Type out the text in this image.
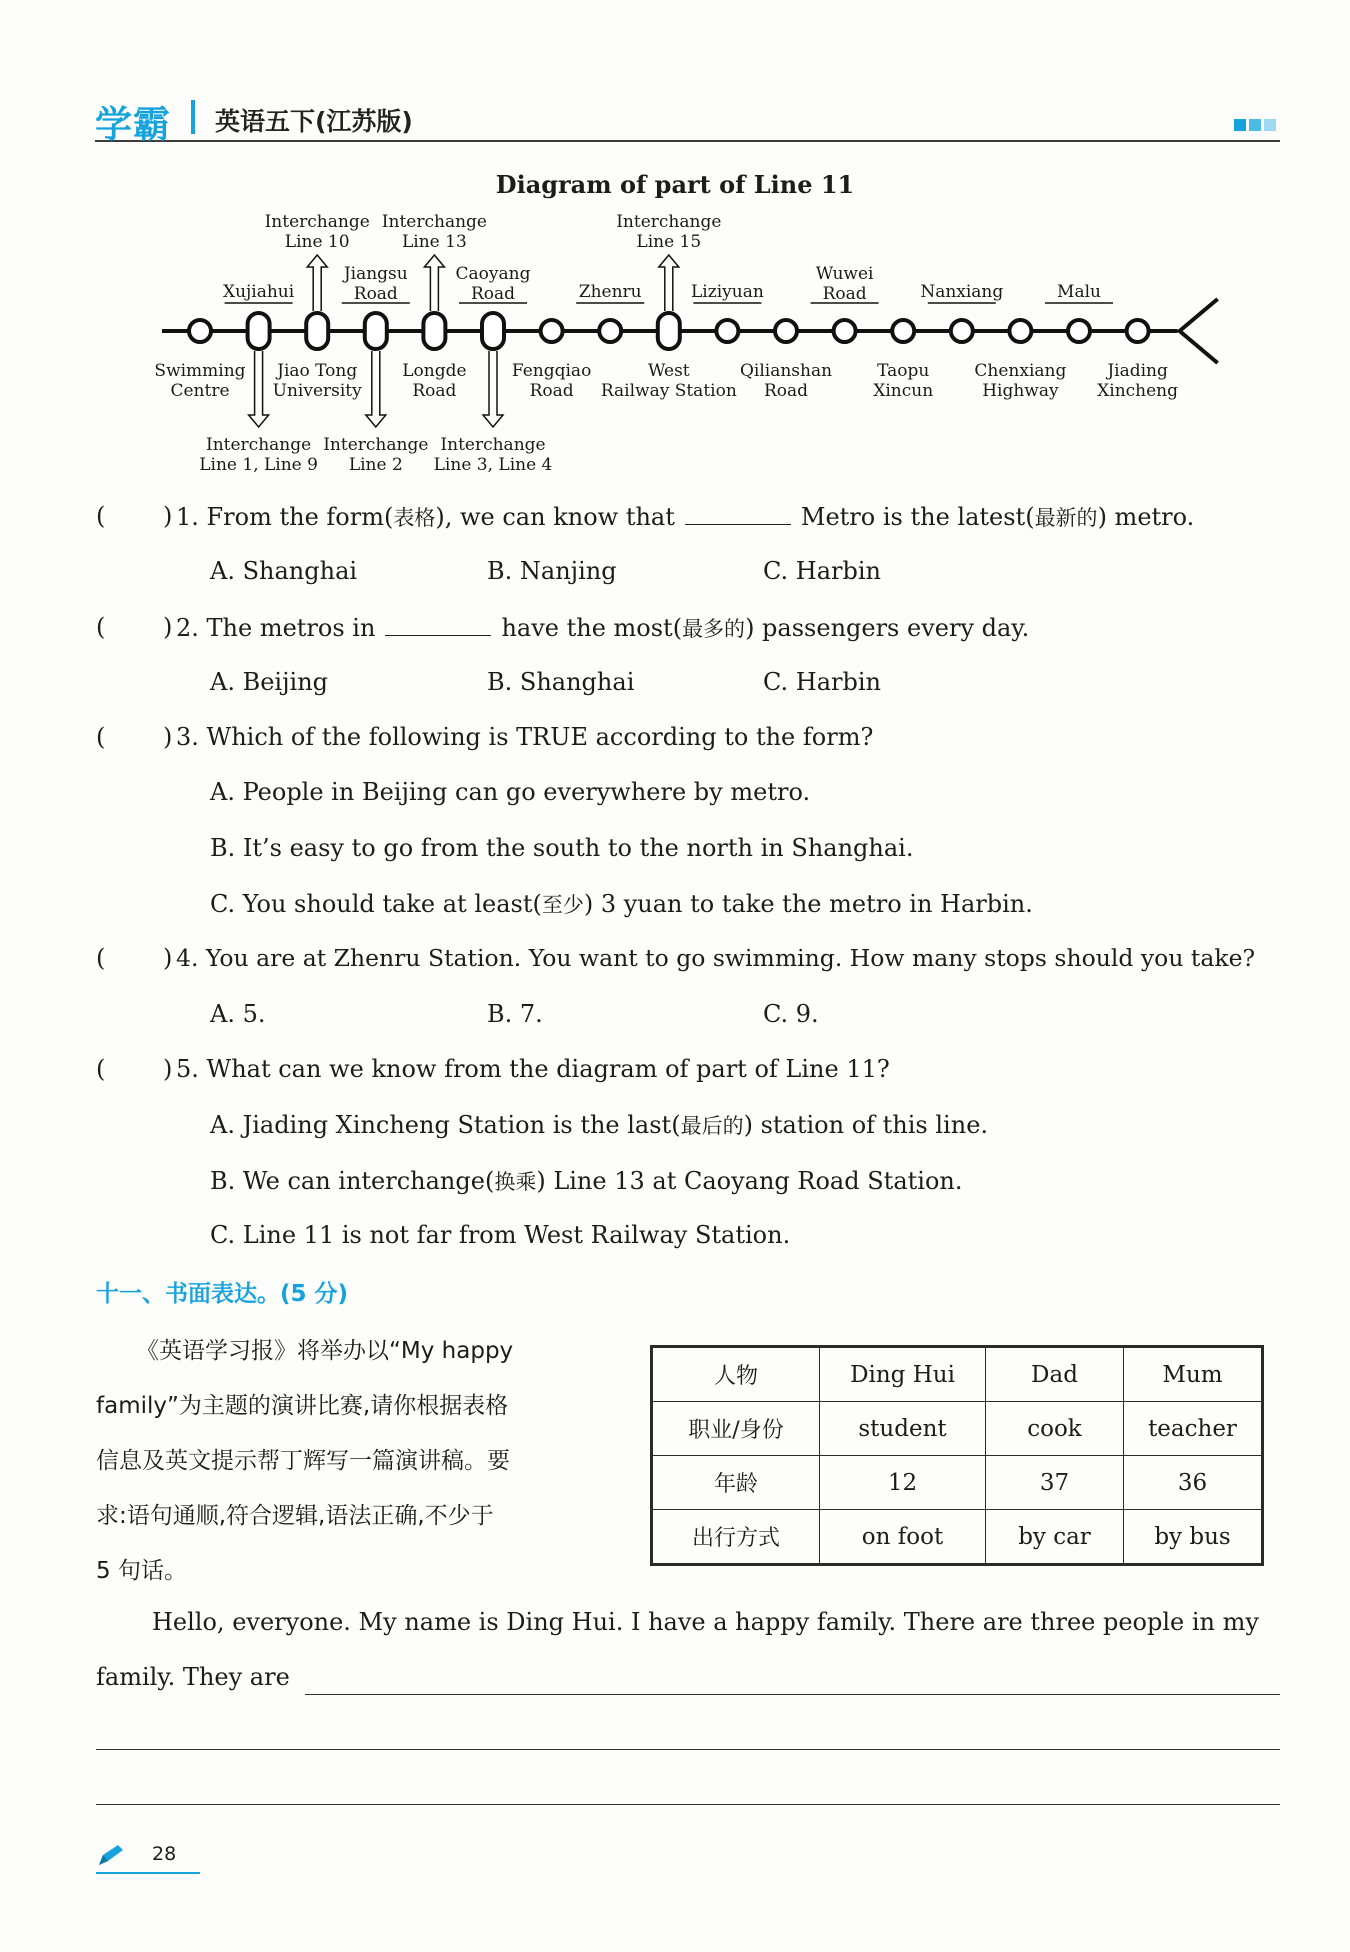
学霸 英语五下(江苏版)
Diagram of part of Line 11
Swimming Centre
Xujiahui
Interchange Line 1, Line 9
Jiao Tong University
Interchange Line 10
Jiangsu Road
Interchange Line 2
Longde Road
Interchange Line 13
Caoyang Road
Interchange Line 3, Line 4
Fengqiao Road
Zhenru
West Railway Station
Interchange Line 15
Liziyuan
Qilianshan Road
Wuwei Road
Taopu Xincun
Nanxiang
Chenxiang Highway
Malu
Jiading Xincheng
( ) 1. From the form(表格), we can know that	Metro is the latest(最新的) metro.
A. Shanghai	B. Nanjing	C. Harbin
( ) 2. The metros in	have the most(最多的) passengers every day.
A. Beijing	B. Shanghai	C. Harbin
( ) 3. Which of the following is TRUE according to the form?
A. People in Beijing can go everywhere by metro.
B. It’s easy to go from the south to the north in Shanghai.
C. You should take at least(至少) 3 yuan to take the metro in Harbin.
( ) 4. You are at Zhenru Station. You want to go swimming. How many stops should you take?
A. 5.	B. 7.	C. 9.
( ) 5. What can we know from the diagram of part of Line 11?
A. Jiading Xincheng Station is the last(最后的) station of this line.
B. We can interchange(换乘) Line 13 at Caoyang Road Station.
C. Line 11 is not far from West Railway Station.
十一、书面表达。(5 分)
《英语学习报》将举办以“My happy
family”为主题的演讲比赛,请你根据表格
信息及英文提示帮丁辉写一篇演讲稿。要
求:语句通顺,符合逻辑,语法正确,不少于
5 句话。
人物	Ding Hui	Dad	Mum
职业/身份	student	cook	teacher
年龄	12	37	36
出行方式	on foot	by car	by bus
Hello, everyone. My name is Ding Hui. I have a happy family. There are three people in my
family. They are
28
